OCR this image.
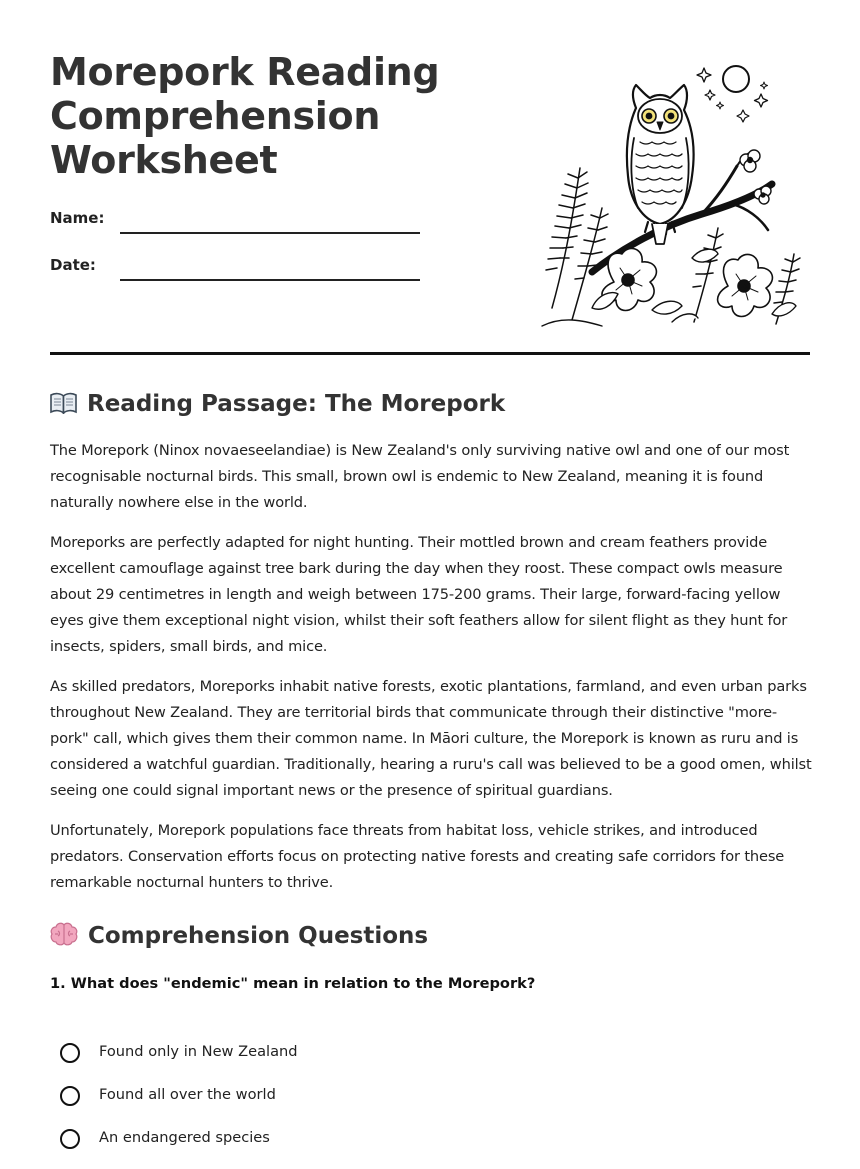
Morepork Reading
Comprehension
Worksheet
Name:
Date:
Reading Passage: The Morepork

The Morepork (Ninox novaeseelandiae) is New Zealand's only surviving native owl and one of our most recognisable nocturnal birds. This small, brown owl is endemic to New Zealand, meaning it is found naturally nowhere else in the world.

Moreporks are perfectly adapted for night hunting. Their mottled brown and cream feathers provide excellent camouflage against tree bark during the day when they roost. These compact owls measure about 29 centimetres in length and weigh between 175-200 grams. Their large, forward-facing yellow eyes give them exceptional night vision, whilst their soft feathers allow for silent flight as they hunt for insects, spiders, small birds, and mice.

As skilled predators, Moreporks inhabit native forests, exotic plantations, farmland, and even urban parks throughout New Zealand. They are territorial birds that communicate through their distinctive "more-pork" call, which gives them their common name. In Māori culture, the Morepork is known as ruru and is considered a watchful guardian. Traditionally, hearing a ruru's call was believed to be a good omen, whilst seeing one could signal important news or the presence of spiritual guardians.

Unfortunately, Morepork populations face threats from habitat loss, vehicle strikes, and introduced predators. Conservation efforts focus on protecting native forests and creating safe corridors for these remarkable nocturnal hunters to thrive.

Comprehension Questions

1. What does "endemic" mean in relation to the Morepork?

Found only in New Zealand
Found all over the world
An endangered species
